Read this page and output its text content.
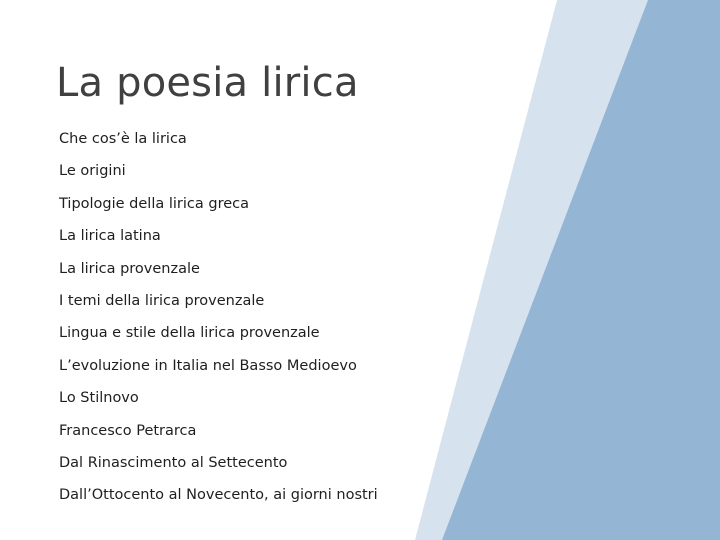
La poesia lirica
Che cos’è la lirica
Le origini
Tipologie della lirica greca
La lirica latina
La lirica provenzale
I temi della lirica provenzale
Lingua e stile della lirica provenzale
L’evoluzione in Italia nel Basso Medioevo
Lo Stilnovo
Francesco Petrarca
Dal Rinascimento al Settecento
Dall’Ottocento al Novecento, ai giorni nostri
